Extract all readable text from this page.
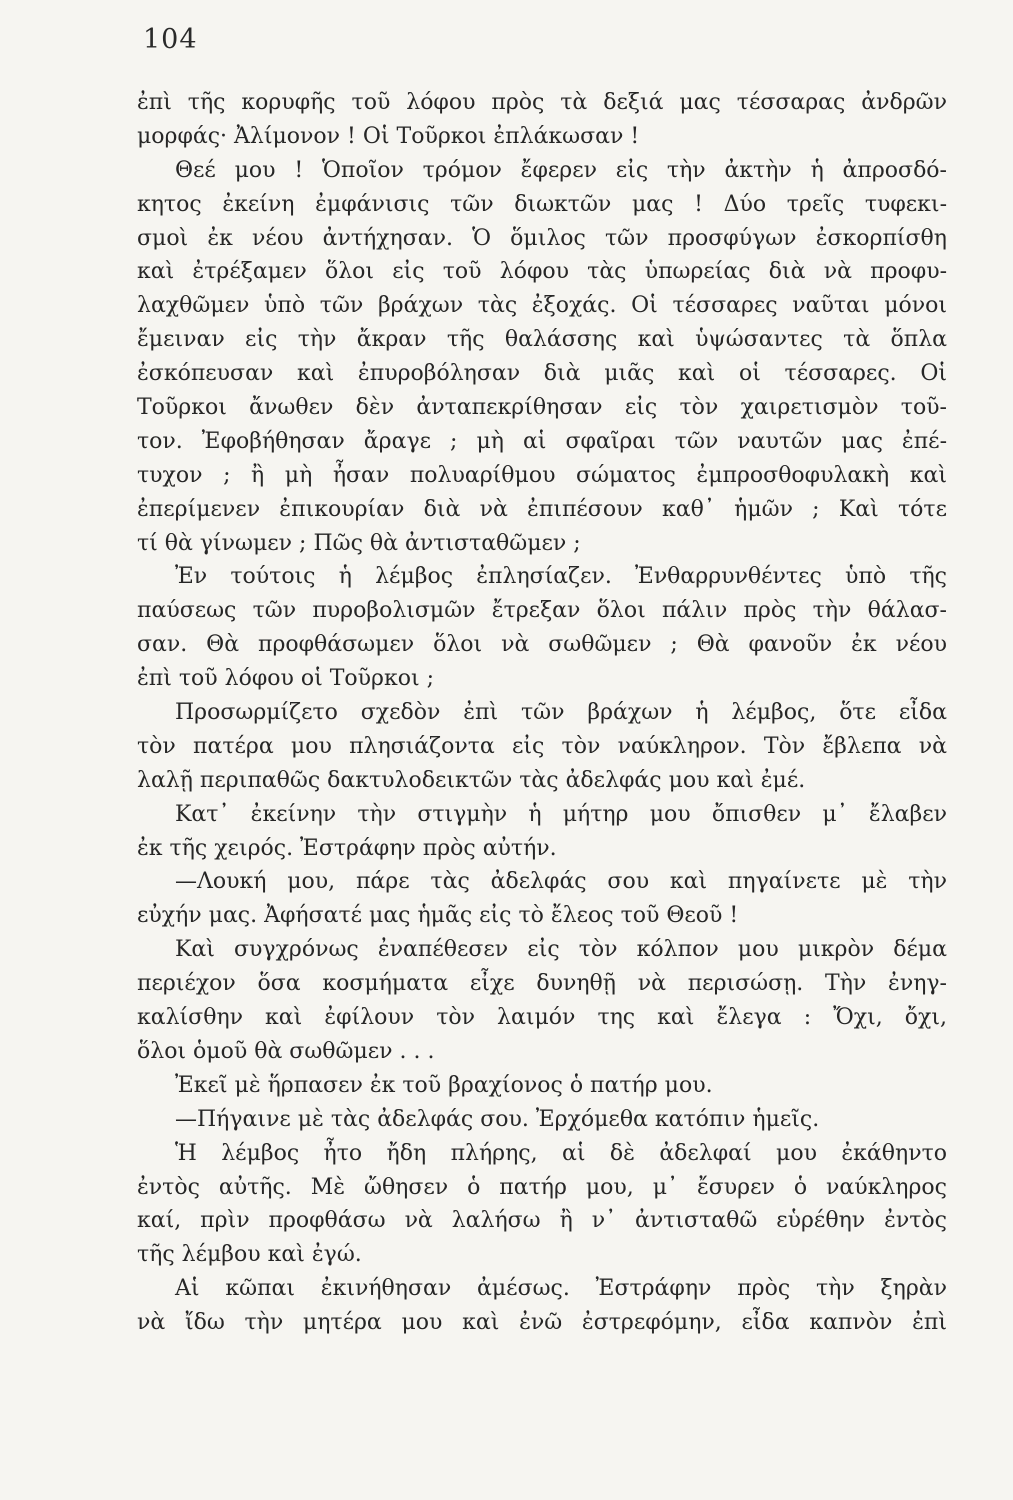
104
ἐπὶ τῆς κορυφῆς τοῦ λόφου πρὸς τὰ δεξιά μας τέσσαρας ἀνδρῶν
μορφάς· Ἀλίμονον ! Οἱ Τοῦρκοι ἐπλάκωσαν !
Θεέ μου ! Ὁποῖον τρόμον ἔφερεν εἰς τὴν ἀκτὴν ἡ ἀπροσδό-
κητος ἐκείνη ἐμφάνισις τῶν διωκτῶν μας ! Δύο τρεῖς τυφεκι-
σμοὶ ἐκ νέου ἀντήχησαν. Ὁ ὅμιλος τῶν προσφύγων ἐσκορπίσθη
καὶ ἐτρέξαμεν ὅλοι εἰς τοῦ λόφου τὰς ὑπωρείας διὰ νὰ προφυ-
λαχθῶμεν ὑπὸ τῶν βράχων τὰς ἐξοχάς. Οἱ τέσσαρες ναῦται μόνοι
ἔμειναν εἰς τὴν ἄκραν τῆς θαλάσσης καὶ ὑψώσαντες τὰ ὅπλα
ἐσκόπευσαν καὶ ἐπυροβόλησαν διὰ μιᾶς καὶ οἱ τέσσαρες. Οἱ
Τοῦρκοι ἄνωθεν δὲν ἀνταπεκρίθησαν εἰς τὸν χαιρετισμὸν τοῦ-
τον. Ἐφοβήθησαν ἄραγε ; μὴ αἱ σφαῖραι τῶν ναυτῶν μας ἐπέ-
τυχον ; ἢ μὴ ἦσαν πολυαρίθμου σώματος ἐμπροσθοφυλακὴ καὶ
ἐπερίμενεν ἐπικουρίαν διὰ νὰ ἐπιπέσουν καθ᾽ ἡμῶν ; Καὶ τότε
τί θὰ γίνωμεν ; Πῶς θὰ ἀντισταθῶμεν ;
Ἐν τούτοις ἡ λέμβος ἐπλησίαζεν. Ἐνθαρρυνθέντες ὑπὸ τῆς
παύσεως τῶν πυροβολισμῶν ἔτρεξαν ὅλοι πάλιν πρὸς τὴν θάλασ-
σαν. Θὰ προφθάσωμεν ὅλοι νὰ σωθῶμεν ; Θὰ φανοῦν ἐκ νέου
ἐπὶ τοῦ λόφου οἱ Τοῦρκοι ;
Προσωρμίζετο σχεδὸν ἐπὶ τῶν βράχων ἡ λέμβος, ὅτε εἶδα
τὸν πατέρα μου πλησιάζοντα εἰς τὸν ναύκληρον. Τὸν ἔβλεπα νὰ
λαλῇ περιπαθῶς δακτυλοδεικτῶν τὰς ἀδελφάς μου καὶ ἐμέ.
Κατ᾽ ἐκείνην τὴν στιγμὴν ἡ μήτηρ μου ὄπισθεν μ᾽ ἔλαβεν
ἐκ τῆς χειρός. Ἐστράφην πρὸς αὐτήν.
—Λουκή μου, πάρε τὰς ἀδελφάς σου καὶ πηγαίνετε μὲ τὴν
εὐχήν μας. Ἀφήσατέ μας ἡμᾶς εἰς τὸ ἔλεος τοῦ Θεοῦ !
Καὶ συγχρόνως ἐναπέθεσεν εἰς τὸν κόλπον μου μικρὸν δέμα
περιέχον ὅσα κοσμήματα εἶχε δυνηθῇ νὰ περισώσῃ. Τὴν ἐνηγ-
καλίσθην καὶ ἐφίλουν τὸν λαιμόν της καὶ ἔλεγα : Ὄχι, ὄχι,
ὅλοι ὁμοῦ θὰ σωθῶμεν . . .
Ἐκεῖ μὲ ἥρπασεν ἐκ τοῦ βραχίονος ὁ πατήρ μου.
—Πήγαινε μὲ τὰς ἀδελφάς σου. Ἐρχόμεθα κατόπιν ἡμεῖς.
Ἡ λέμβος ἦτο ἤδη πλήρης, αἱ δὲ ἀδελφαί μου ἐκάθηντο
ἐντὸς αὐτῆς. Μὲ ὤθησεν ὁ πατήρ μου, μ᾽ ἔσυρεν ὁ ναύκληρος
καί, πρὶν προφθάσω νὰ λαλήσω ἢ ν᾽ ἀντισταθῶ εὑρέθην ἐντὸς
τῆς λέμβου καὶ ἐγώ.
Αἱ κῶπαι ἐκινήθησαν ἀμέσως. Ἐστράφην πρὸς τὴν ξηρὰν
νὰ ἴδω τὴν μητέρα μου καὶ ἐνῶ ἐστρεφόμην, εἶδα καπνὸν ἐπὶ
